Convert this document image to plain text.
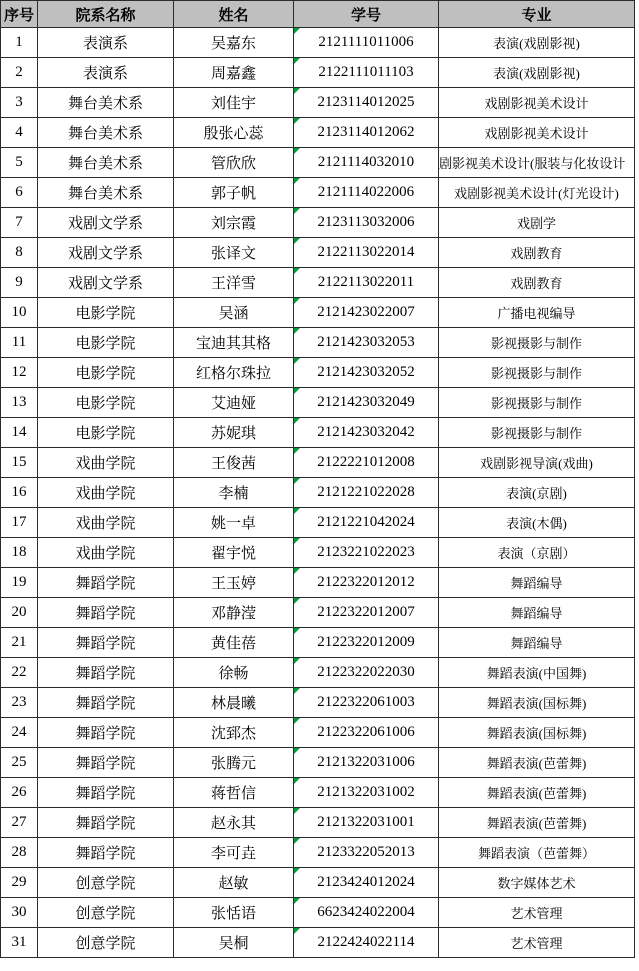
序号	院系名称	姓名	学号	专业
1	表演系	吴嘉东	2121111011006	表演(戏剧影视)
2	表演系	周嘉鑫	2122111011103	表演(戏剧影视)
3	舞台美术系	刘佳宇	2123114012025	戏剧影视美术设计
4	舞台美术系	殷张心蕊	2123114012062	戏剧影视美术设计
5	舞台美术系	管欣欣	2121114032010	剧影视美术设计(服装与化妆设计
6	舞台美术系	郭子帆	2121114022006	戏剧影视美术设计(灯光设计)
7	戏剧文学系	刘宗霞	2123113032006	戏剧学
8	戏剧文学系	张译文	2122113022014	戏剧教育
9	戏剧文学系	王洋雪	2122113022011	戏剧教育
10	电影学院	吴涵	2121423022007	广播电视编导
11	电影学院	宝迪其其格	2121423032053	影视摄影与制作
12	电影学院	红格尔珠拉	2121423032052	影视摄影与制作
13	电影学院	艾迪娅	2121423032049	影视摄影与制作
14	电影学院	苏妮琪	2121423032042	影视摄影与制作
15	戏曲学院	王俊茜	2122221012008	戏剧影视导演(戏曲)
16	戏曲学院	李楠	2121221022028	表演(京剧)
17	戏曲学院	姚一卓	2121221042024	表演(木偶)
18	戏曲学院	翟宇悦	2123221022023	表演（京剧）
19	舞蹈学院	王玉婷	2122322012012	舞蹈编导
20	舞蹈学院	邓静滢	2122322012007	舞蹈编导
21	舞蹈学院	黄佳蓓	2122322012009	舞蹈编导
22	舞蹈学院	徐畅	2122322022030	舞蹈表演(中国舞)
23	舞蹈学院	林晨曦	2122322061003	舞蹈表演(国标舞)
24	舞蹈学院	沈郅杰	2122322061006	舞蹈表演(国标舞)
25	舞蹈学院	张腾元	2121322031006	舞蹈表演(芭蕾舞)
26	舞蹈学院	蒋哲信	2121322031002	舞蹈表演(芭蕾舞)
27	舞蹈学院	赵永其	2121322031001	舞蹈表演(芭蕾舞)
28	舞蹈学院	李可垚	2123322052013	舞蹈表演（芭蕾舞）
29	创意学院	赵敏	2123424012024	数字媒体艺术
30	创意学院	张恬语	6623424022004	艺术管理
31	创意学院	吴桐	2122424022114	艺术管理
